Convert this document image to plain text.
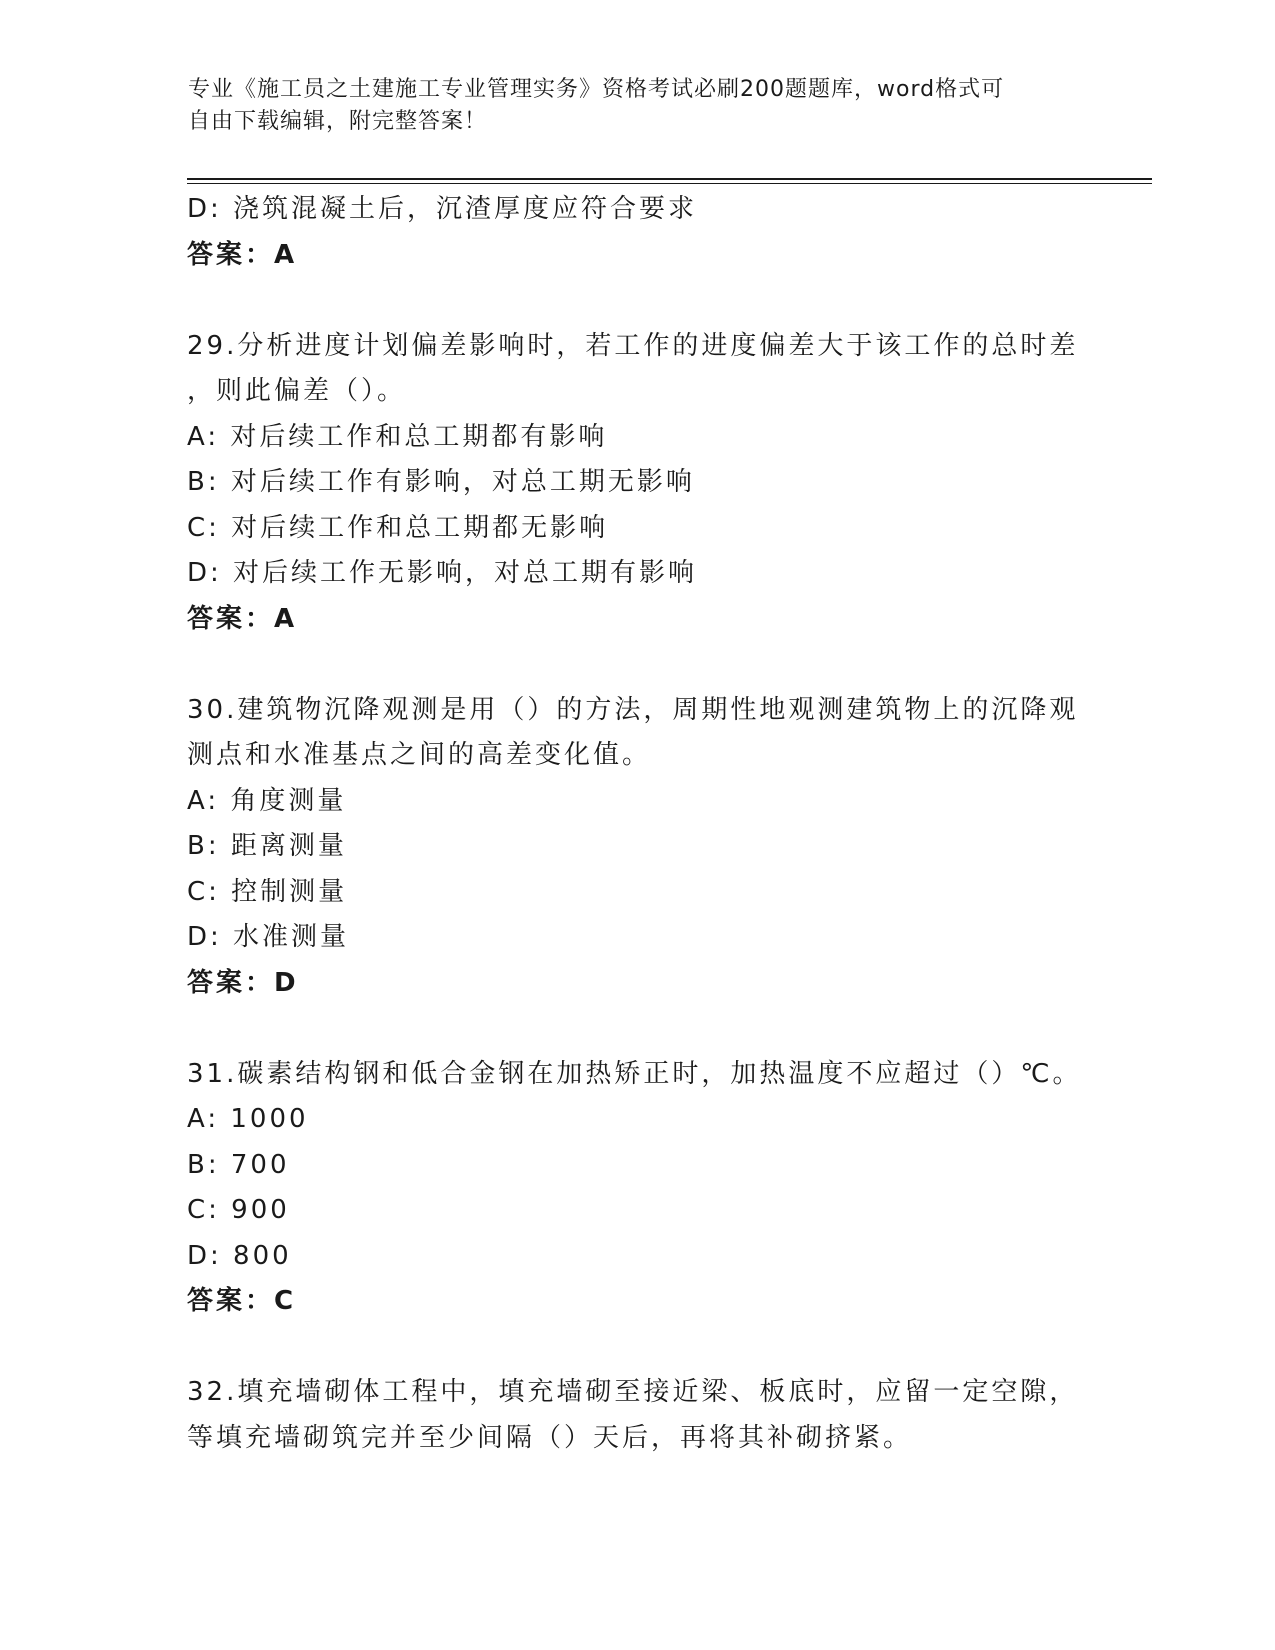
专业《施工员之土建施工专业管理实务》资格考试必刷200题题库，word格式可
自由下载编辑，附完整答案！
D: 浇筑混凝土后，沉渣厚度应符合要求
答案：A
29.分析进度计划偏差影响时，若工作的进度偏差大于该工作的总时差
，则此偏差（）。
A: 对后续工作和总工期都有影响
B: 对后续工作有影响，对总工期无影响
C: 对后续工作和总工期都无影响
D: 对后续工作无影响，对总工期有影响
答案：A
30.建筑物沉降观测是用（）的方法，周期性地观测建筑物上的沉降观
测点和水准基点之间的高差变化值。
A: 角度测量
B: 距离测量
C: 控制测量
D: 水准测量
答案：D
31.碳素结构钢和低合金钢在加热矫正时，加热温度不应超过（）℃。
A: 1000
B: 700
C: 900
D: 800
答案：C
32.填充墙砌体工程中，填充墙砌至接近梁、板底时，应留一定空隙，
等填充墙砌筑完并至少间隔（）天后，再将其补砌挤紧。
